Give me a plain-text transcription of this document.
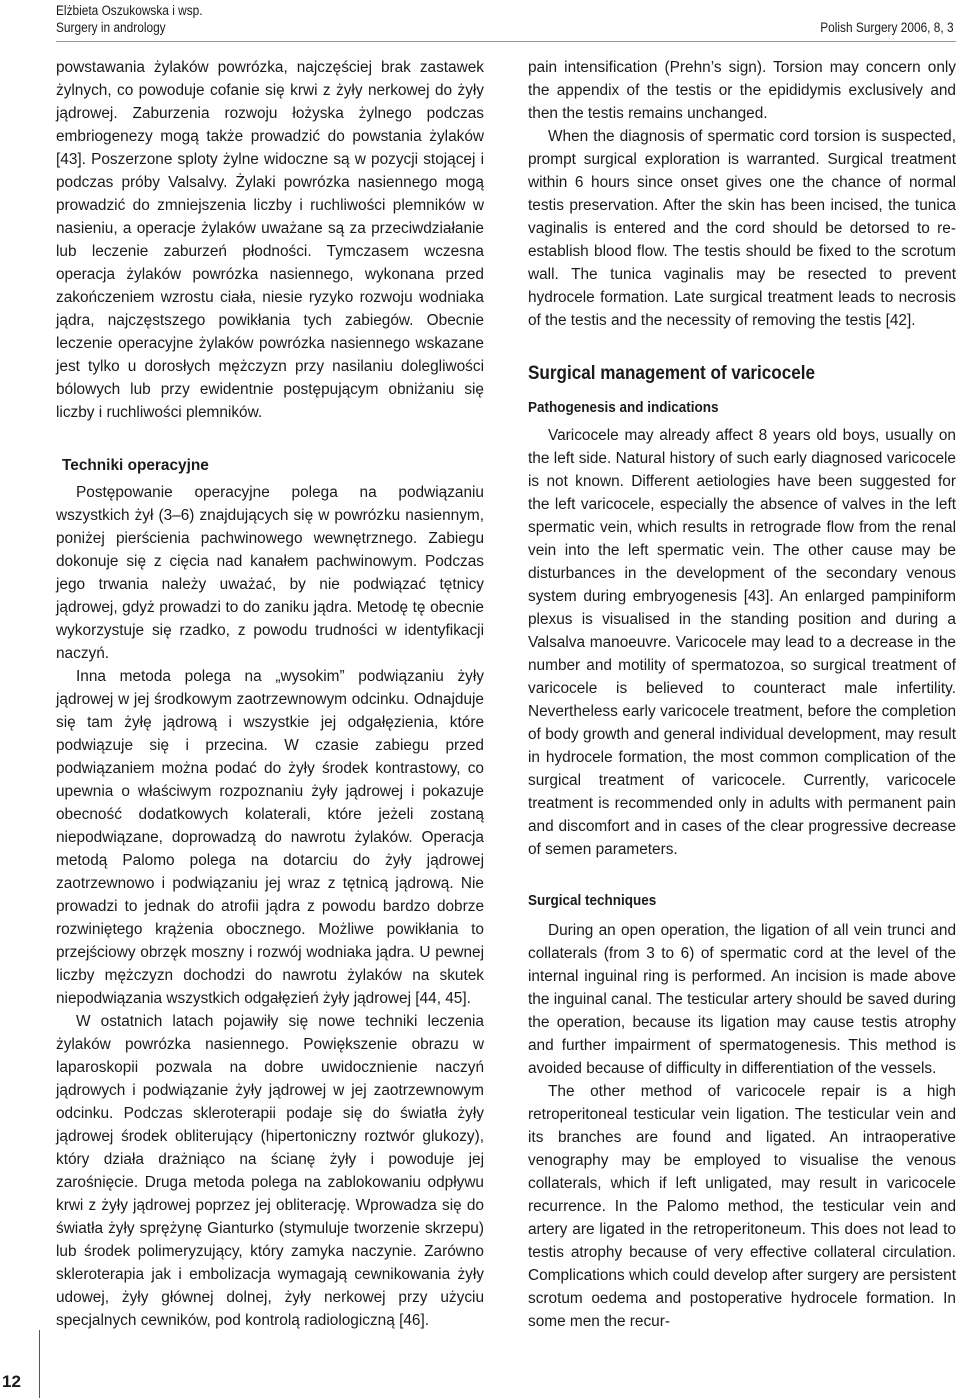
Elżbieta Oszukowska i wsp.
Surgery in andrology	Polish Surgery 2006, 8, 3
12

powstawania żylaków powrózka, najczęściej brak zastawek żylnych, co powoduje cofanie się krwi z żyły nerkowej do żyły jądrowej. Zaburzenia rozwoju łożyska żylnego podczas embriogenezy mogą także prowadzić do powstania żylaków [43]. Poszerzone sploty żylne widoczne są w pozycji stojącej i podczas próby Valsalvy. Żylaki powrózka nasiennego mogą prowadzić do zmniejszenia liczby i ruchliwości plemników w nasieniu, a operacje żylaków uważane są za przeciwdziałanie lub leczenie zaburzeń płodności. Tymczasem wczesna operacja żylaków powrózka nasiennego, wykonana przed zakończeniem wzrostu ciała, niesie ryzyko rozwoju wodniaka jądra, najczęstszego powikłania tych zabiegów. Obecnie leczenie operacyjne żylaków powrózka nasiennego wskazane jest tylko u dorosłych mężczyzn przy nasilaniu dolegliwości bólowych lub przy ewidentnie postępującym obniżaniu się liczby i ruchliwości plemników.

Techniki operacyjne

Postępowanie operacyjne polega na podwiązaniu wszystkich żył (3–6) znajdujących się w powrózku nasiennym, poniżej pierścienia pachwinowego wewnętrznego. Zabiegu dokonuje się z cięcia nad kanałem pachwinowym. Podczas jego trwania należy uważać, by nie podwiązać tętnicy jądrowej, gdyż prowadzi to do zaniku jądra. Metodę tę obecnie wykorzystuje się rzadko, z powodu trudności w identyfikacji naczyń.

Inna metoda polega na „wysokim” podwiązaniu żyły jądrowej w jej środkowym zaotrzewnowym odcinku. Odnajduje się tam żyłę jądrową i wszystkie jej odgałęzienia, które podwiązuje się i przecina. W czasie zabiegu przed podwiązaniem można podać do żyły środek kontrastowy, co upewnia o właściwym rozpoznaniu żyły jądrowej i pokazuje obecność dodatkowych kolaterali, które jeżeli zostaną niepodwiązane, doprowadzą do nawrotu żylaków. Operacja metodą Palomo polega na dotarciu do żyły jądrowej zaotrzewnowo i podwiązaniu jej wraz z tętnicą jądrową. Nie prowadzi to jednak do atrofii jądra z powodu bardzo dobrze rozwiniętego krążenia obocznego. Możliwe powikłania to przejściowy obrzęk moszny i rozwój wodniaka jądra. U pewnej liczby mężczyzn dochodzi do nawrotu żylaków na skutek niepodwiązania wszystkich odgałęzień żyły jądrowej [44, 45].

W ostatnich latach pojawiły się nowe techniki leczenia żylaków powrózka nasiennego. Powiększenie obrazu w laparoskopii pozwala na dobre uwidocznienie naczyń jądrowych i podwiązanie żyły jądrowej w jej zaotrzewnowym odcinku. Podczas skleroterapii podaje się do światła żyły jądrowej środek obliterujący (hipertoniczny roztwór glukozy), który działa drażniąco na ścianę żyły i powoduje jej zarośnięcie. Druga metoda polega na zablokowaniu odpływu krwi z żyły jądrowej poprzez jej obliterację. Wprowadza się do światła żyły sprężynę Gianturko (stymuluje tworzenie skrzepu) lub środek polimeryzujący, który zamyka naczynie. Zarówno skleroterapia jak i embolizacja wymagają cewnikowania żyły udowej, żyły głównej dolnej, żyły nerkowej przy użyciu specjalnych cewników, pod kontrolą radiologiczną [46].

pain intensification (Prehn’s sign). Torsion may concern only the appendix of the testis or the epididymis exclusively and then the testis remains unchanged.

When the diagnosis of spermatic cord torsion is suspected, prompt surgical exploration is warranted. Surgical treatment within 6 hours since onset gives one the chance of normal testis preservation. After the skin has been incised, the tunica vaginalis is entered and the cord should be detorsed to re-establish blood flow. The testis should be fixed to the scrotum wall. The tunica vaginalis may be resected to prevent hydrocele formation. Late surgical treatment leads to necrosis of the testis and the necessity of removing the testis [42].

Surgical management of varicocele
Pathogenesis and indications

Varicocele may already affect 8 years old boys, usually on the left side. Natural history of such early diagnosed varicocele is not known. Different aetiologies have been suggested for the left varicocele, especially the absence of valves in the left spermatic vein, which results in retrograde flow from the renal vein into the left spermatic vein. The other cause may be disturbances in the development of the secondary venous system during embryogenesis [43]. An enlarged pampiniform plexus is visualised in the standing position and during a Valsalva manoeuvre. Varicocele may lead to a decrease in the number and motility of spermatozoa, so surgical treatment of varicocele is believed to counteract male infertility. Nevertheless early varicocele treatment, before the completion of body growth and general individual development, may result in hydrocele formation, the most common complication of the surgical treatment of varicocele. Currently, varicocele treatment is recommended only in adults with permanent pain and discomfort and in cases of the clear progressive decrease of semen parameters.

Surgical techniques

During an open operation, the ligation of all vein trunci and collaterals (from 3 to 6) of spermatic cord at the level of the internal inguinal ring is performed. An incision is made above the inguinal canal. The testicular artery should be saved during the operation, because its ligation may cause testis atrophy and further impairment of spermatogenesis. This method is avoided because of difficulty in differentiation of the vessels.

The other method of varicocele repair is a high retroperitoneal testicular vein ligation. The testicular vein and its branches are found and ligated. An intraoperative venography may be employed to visualise the venous collaterals, which if left unligated, may result in varicocele recurrence. In the Palomo method, the testicular vein and artery are ligated in the retroperitoneum. This does not lead to testis atrophy because of very effective collateral circulation. Complications which could develop after surgery are persistent scrotum oedema and postoperative hydrocele formation. In some men the recur-
